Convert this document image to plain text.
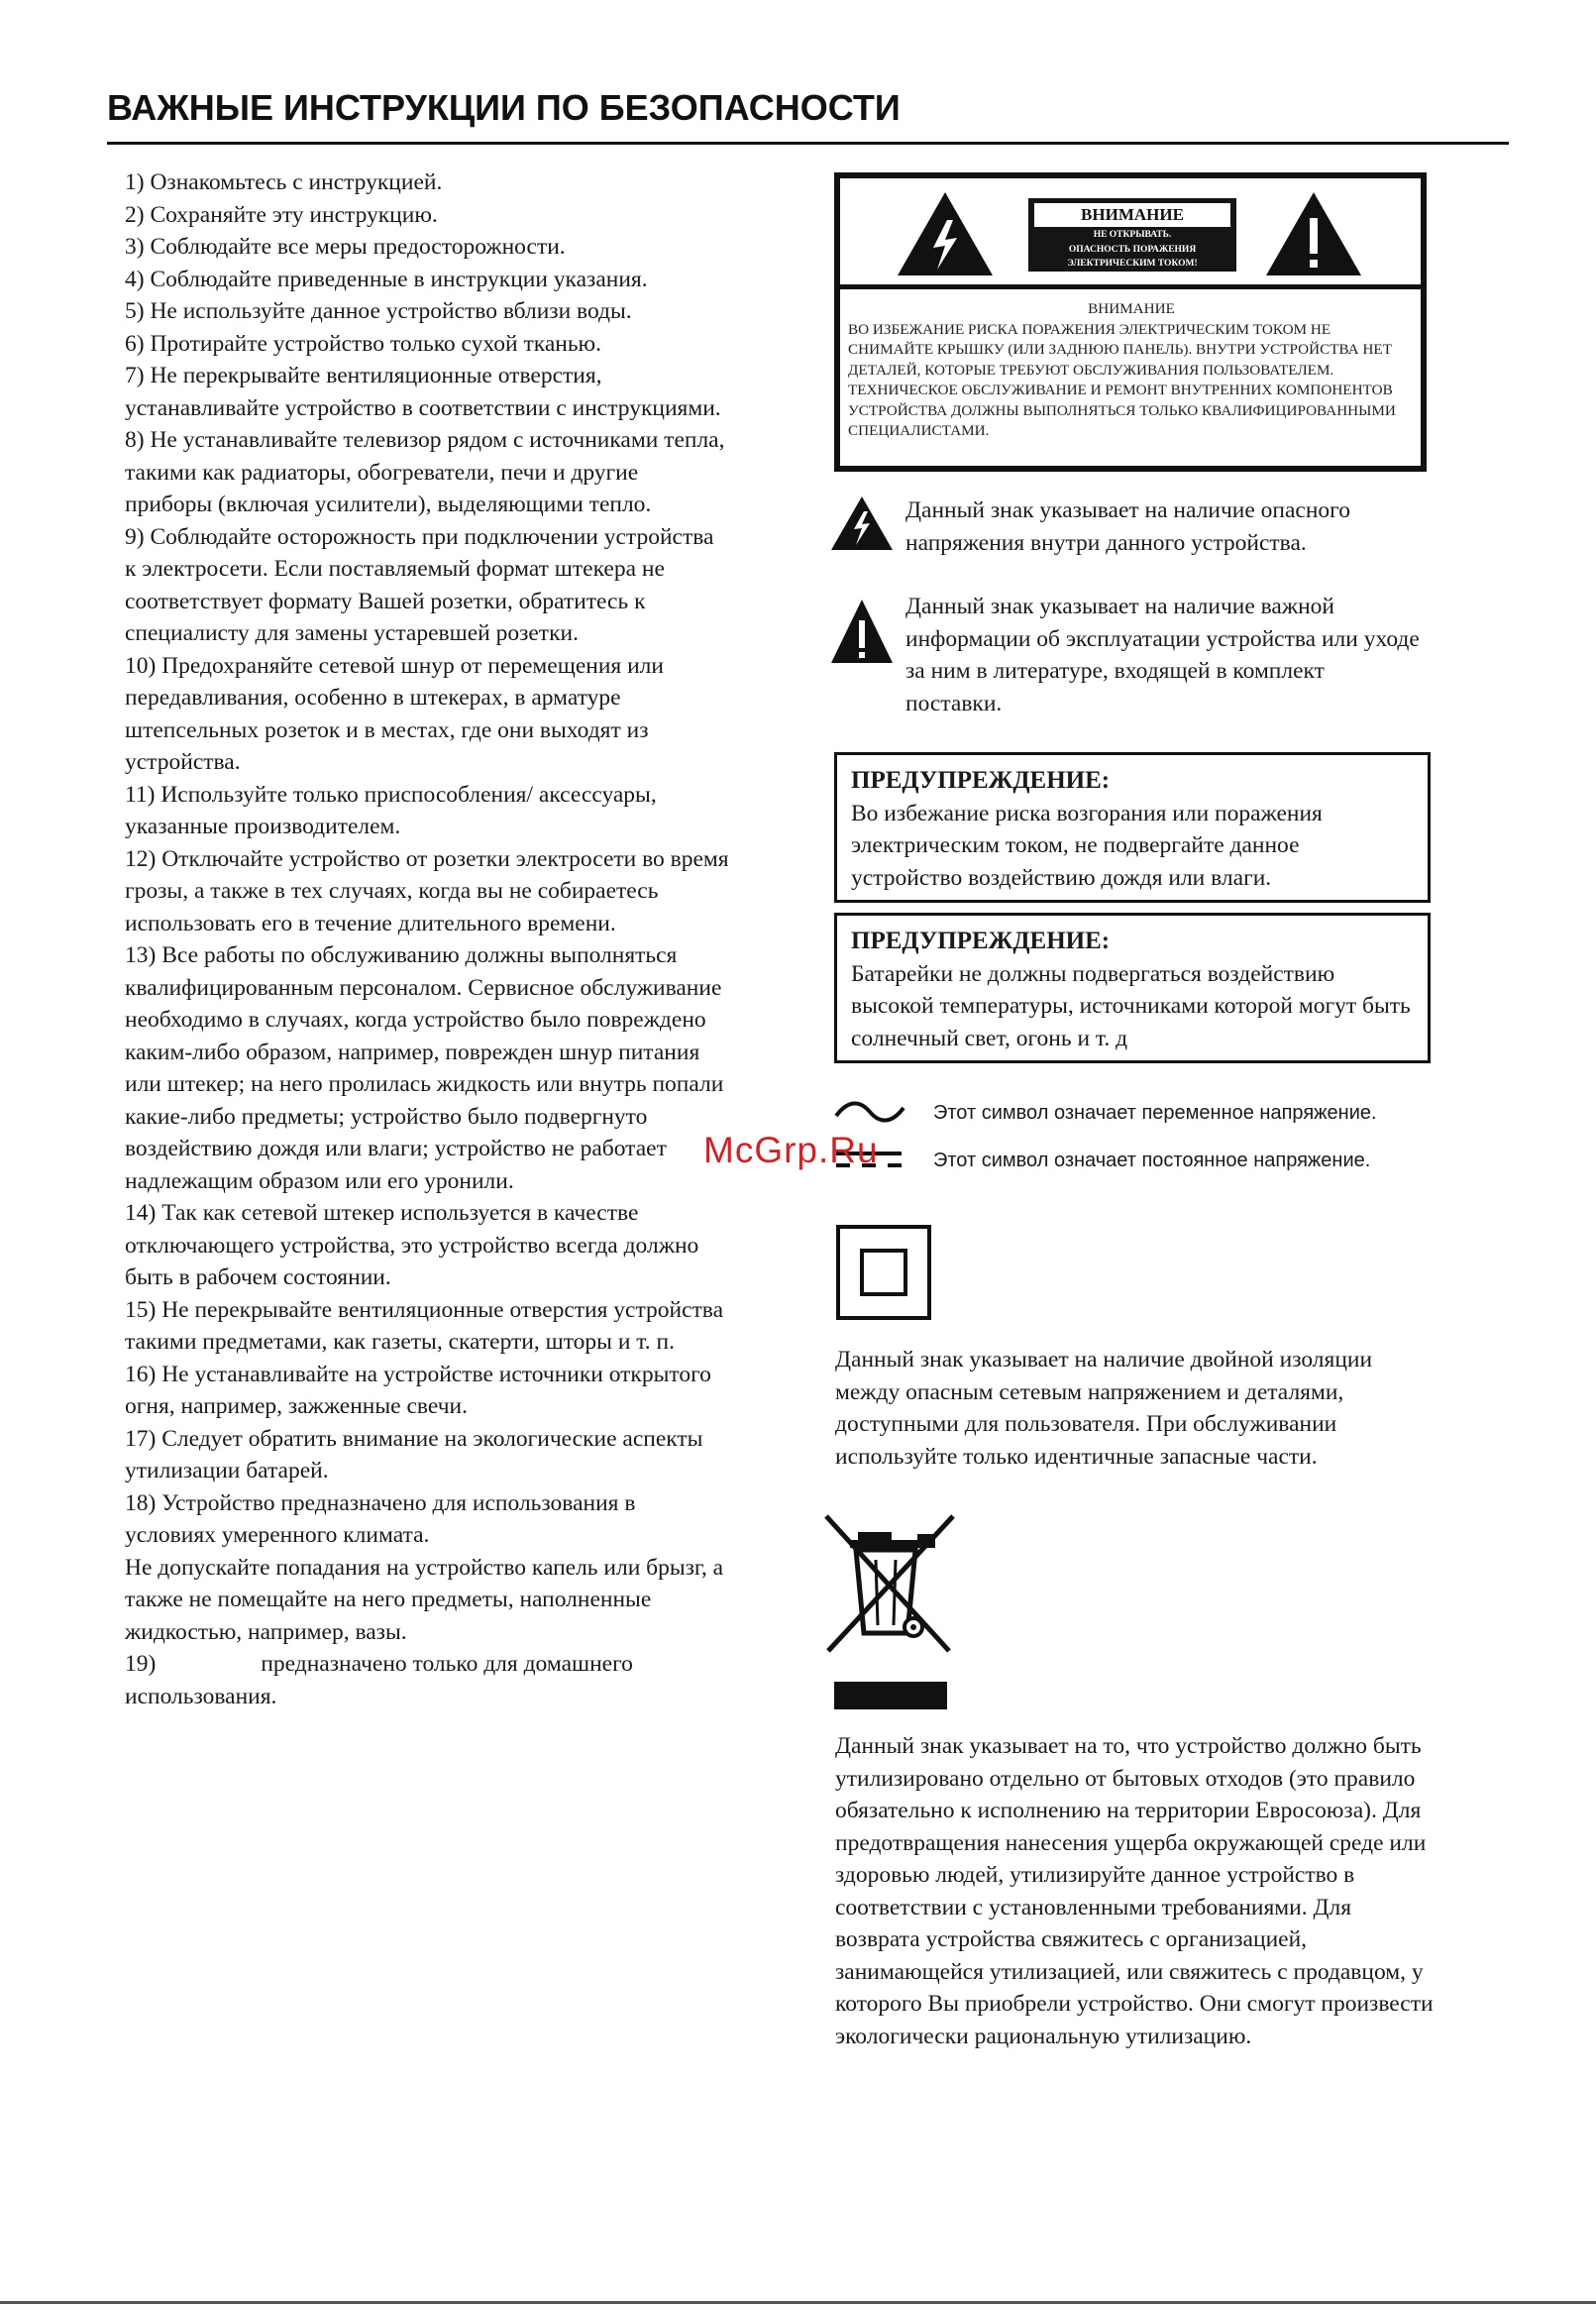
ВАЖНЫЕ ИНСТРУКЦИИ ПО БЕЗОПАСНОСТИ

1) Ознакомьтесь с инструкцией.

2) Сохраняйте эту инструкцию.

3) Соблюдайте все меры предосторожности.

4) Соблюдайте приведенные в инструкции указания.

5) Не используйте данное устройство вблизи воды.

6) Протирайте устройство только сухой тканью.

7) Не перекрывайте вентиляционные отверстия, устанавливайте устройство в соответствии с инструкциями.

8) Не устанавливайте телевизор рядом с источниками тепла, такими как радиаторы, обогреватели, печи и другие приборы (включая усилители), выделяющими тепло.

9) Соблюдайте осторожность при подключении устройства к электросети. Если поставляемый формат штекера не соответствует формату Вашей розетки, обратитесь к специалисту для замены устаревшей розетки.

10) Предохраняйте сетевой шнур от перемещения или передавливания, особенно в штекерах, в арматуре штепсельных розеток и в местах, где они выходят из устройства.

11) Используйте только приспособления/ аксессуары, указанные производителем.

12) Отключайте устройство от розетки электросети во время грозы, а также в тех случаях, когда вы не собираетесь использовать его в течение длительного времени.

13) Все работы по обслуживанию должны выполняться квалифицированным персоналом. Сервисное обслуживание необходимо в случаях, когда устройство было повреждено каким-либо образом, например, поврежден шнур питания или штекер; на него пролилась жидкость или внутрь попали какие-либо предметы; устройство было подвергнуто воздействию дождя или влаги; устройство не работает надлежащим образом или его уронили.

14) Так как сетевой штекер используется в качестве отключающего устройства, это устройство всегда должно быть в рабочем состоянии.

15) Не перекрывайте вентиляционные отверстия устройства такими предметами, как газеты, скатерти, шторы и т. п.

16) Не устанавливайте на устройстве источники открытого огня, например, зажженные свечи.

17) Следует обратить внимание на экологические аспекты утилизации батарей.

18) Устройство предназначено для использования в условиях умеренного климата.

Не допускайте попадания на устройство капель или брызг, а также не помещайте на него предметы, наполненные жидкостью, например, вазы.

19)	предназначено только для домашнего использования.

ВНИМАНИЕ
НЕ ОТКРЫВАТЬ.
ОПАСНОСТЬ ПОРАЖЕНИЯ
ЭЛЕКТРИЧЕСКИМ ТОКОМ!
ВНИМАНИЕ
ВО ИЗБЕЖАНИЕ РИСКА ПОРАЖЕНИЯ ЭЛЕКТРИЧЕСКИМ ТОКОМ НЕ СНИМАЙТЕ КРЫШКУ (ИЛИ ЗАДНЮЮ ПАНЕЛЬ). ВНУТРИ УСТРОЙСТВА НЕТ ДЕТАЛЕЙ, КОТОРЫЕ ТРЕБУЮТ ОБСЛУЖИВАНИЯ ПОЛЬЗОВАТЕЛЕМ. ТЕХНИЧЕСКОЕ ОБСЛУЖИВАНИЕ И РЕМОНТ ВНУТРЕННИХ КОМПОНЕНТОВ УСТРОЙСТВА ДОЛЖНЫ ВЫПОЛНЯТЬСЯ ТОЛЬКО КВАЛИФИЦИРОВАННЫМИ СПЕЦИАЛИСТАМИ.
Данный знак указывает на наличие опасного напряжения внутри данного устройства.
Данный знак указывает на наличие важной информации об эксплуатации устройства или уходе за ним в литературе, входящей в комплект поставки.
ПРЕДУПРЕЖДЕНИЕ:
Во избежание риска возгорания или поражения электрическим током, не подвергайте данное устройство воздействию дождя или влаги.
ПРЕДУПРЕЖДЕНИЕ:
Батарейки не должны подвергаться воздействию высокой температуры, источниками которой могут быть солнечный свет, огонь и т. д
Этот символ означает переменное напряжение.
Этот символ означает постоянное напряжение.
McGrp.Ru
Данный знак указывает на наличие двойной изоляции между опасным сетевым напряжением и деталями, доступными для пользователя. При обслуживании используйте только идентичные запасные части.
Данный знак указывает на то, что устройство должно быть утилизировано отдельно от бытовых отходов (это правило обязательно к исполнению на территории Евросоюза). Для предотвращения нанесения ущерба окружающей среде или здоровью людей, утилизируйте данное устройство в соответствии с установленными требованиями. Для возврата устройства свяжитесь с организацией, занимающейся утилизацией, или свяжитесь с продавцом, у которого Вы приобрели устройство. Они смогут произвести экологически рациональную утилизацию.
